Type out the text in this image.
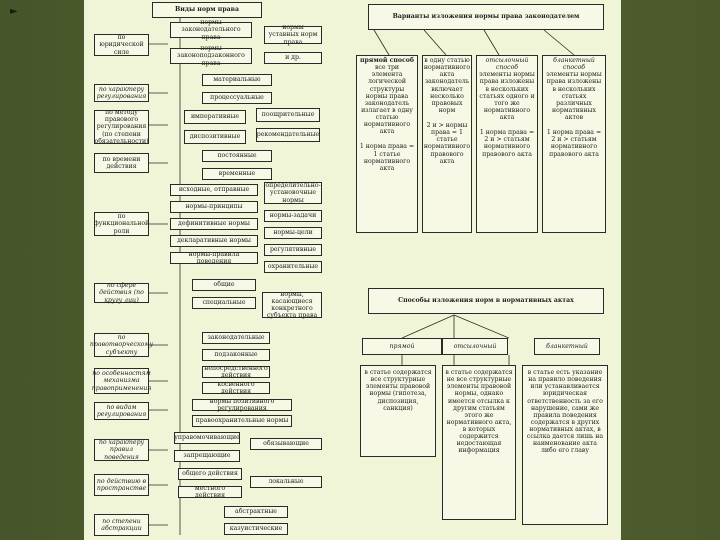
►	Виды норм права
по юридической силе
нормы законодательного права
нормы законоподзаконного права
нормы уставных норм права
и др.
по характеру регулирования
материальные
процессуальные
по методу правового регулирования (по степени обязательности)
императивные
диспозитивные
поощрительные
рекомендательные
по времени действия
постоянные
временные
по функциональной роли
исходные, отправные
нормы-принципы
дефинитивные нормы
декларативные нормы
нормы-правила поведения
определительно-установочные нормы
нормы-задачи
нормы-цели
регулятивные
охранительные
по сфере действия (по кругу лиц)
общие
специальные
нормы, касающиеся конкретного субъекта права
по правотворческому субъекту
законодательные
подзаконные
по особенностям механизма правоприменения
непосредственного действия
косвенного действия
по видам регулирования
нормы позитивного регулирования
правоохранительные нормы
по характеру правил поведения
управомочивающие
запрещающие
обязывающие
по действию в пространстве
общего действия
местного действия
локальные
по степени абстракции
абстрактные
казуистические
Варианты изложения нормы права законодателем
прямой способ
все три элемента логической структуры нормы права законодатель излагает в одну статью нормативного акта
1 норма права = 1 статье нормативного акта
в одну статью нормативного акта
законодатель включает несколько правовых норм
2 и > нормы права = 1 статье нормативного правового акта
отсылочный способ
элементы нормы права изложены в нескольких статьях одного и того же нормативного акта
1 норма права = 2 и > статьям нормативного правового акта
бланкетный способ
элементы нормы права изложены в нескольких статьях различных нормативных актов
1 норма права = 2 и > статьям нормативного правового акта
Способы изложения норм в нормативных актах
прямой	отсылочный	бланкетный
в статье содержатся все структурные элементы правовой нормы (гипотеза, диспозиция, санкция)
в статье содержатся не все структурные элементы правовой нормы, однако имеется отсылка к другим статьям этого же нормативного акта, в которых содержится недостающая информация
в статье есть указание на правило поведения или устанавливается юридическая ответственность за его нарушение, сами же правила поведения содержатся в других нормативных актах, в ссылка дается лишь на наименование акта либо его главу
